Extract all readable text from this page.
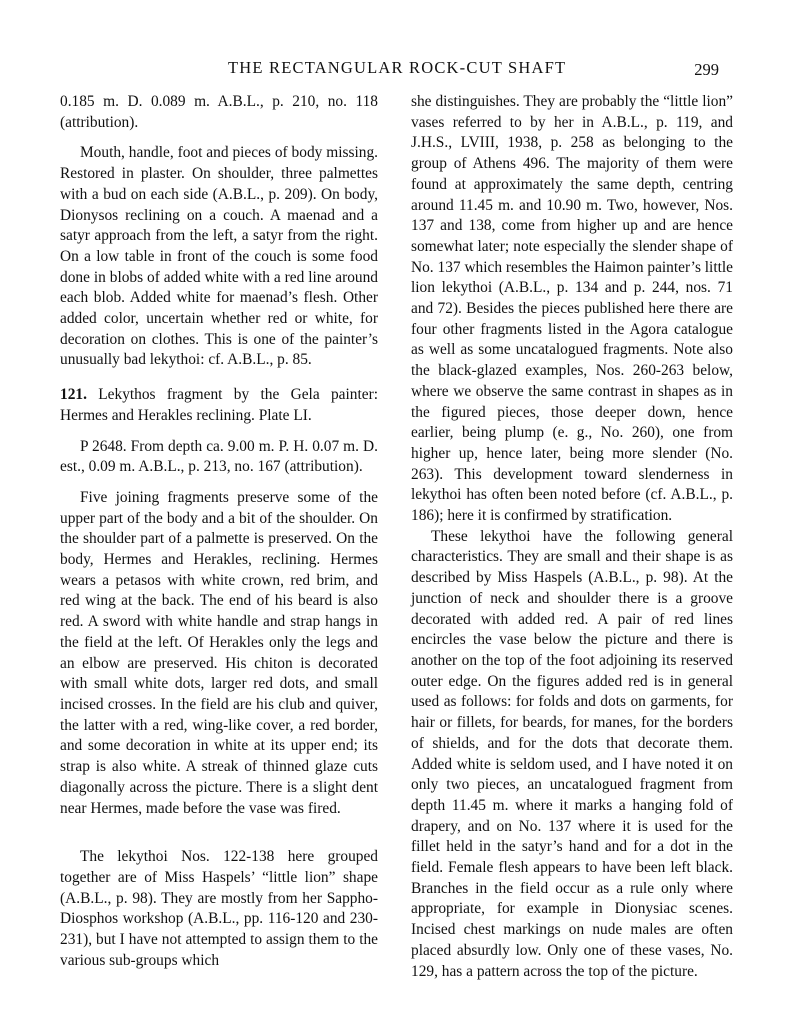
THE RECTANGULAR ROCK-CUT SHAFT	299

0.185 m. D. 0.089 m. A.B.L., p. 210, no. 118 (attribution).

Mouth, handle, foot and pieces of body missing. Restored in plaster. On shoulder, three palmettes with a bud on each side (A.B.L., p. 209). On body, Dionysos reclining on a couch. A maenad and a satyr approach from the left, a satyr from the right. On a low table in front of the couch is some food done in blobs of added white with a red line around each blob. Added white for maenad’s flesh. Other added color, uncertain whether red or white, for decoration on clothes. This is one of the painter’s unusually bad lekythoi: cf. A.B.L., p. 85.

121. Lekythos fragment by the Gela painter: Hermes and Herakles reclining. Plate LI.

P 2648. From depth ca. 9.00 m. P. H. 0.07 m. D. est., 0.09 m. A.B.L., p. 213, no. 167 (attribution).

Five joining fragments preserve some of the upper part of the body and a bit of the shoulder. On the shoulder part of a palmette is preserved. On the body, Hermes and Herakles, reclining. Hermes wears a petasos with white crown, red brim, and red wing at the back. The end of his beard is also red. A sword with white handle and strap hangs in the field at the left. Of Herakles only the legs and an elbow are preserved. His chiton is decorated with small white dots, larger red dots, and small incised crosses. In the field are his club and quiver, the latter with a red, wing-like cover, a red border, and some decoration in white at its upper end; its strap is also white. A streak of thinned glaze cuts diagonally across the picture. There is a slight dent near Hermes, made before the vase was fired.

The lekythoi Nos. 122-138 here grouped together are of Miss Haspels’ “little lion” shape (A.B.L., p. 98). They are mostly from her Sappho-Diosphos workshop (A.B.L., pp. 116-120 and 230-231), but I have not attempted to assign them to the various sub-groups which

she distinguishes. They are probably the “little lion” vases referred to by her in A.B.L., p. 119, and J.H.S., LVIII, 1938, p. 258 as belonging to the group of Athens 496. The majority of them were found at approximately the same depth, centring around 11.45 m. and 10.90 m. Two, however, Nos. 137 and 138, come from higher up and are hence somewhat later; note especially the slender shape of No. 137 which resembles the Haimon painter’s little lion lekythoi (A.B.L., p. 134 and p. 244, nos. 71 and 72). Besides the pieces published here there are four other fragments listed in the Agora catalogue as well as some uncatalogued fragments. Note also the black-glazed examples, Nos. 260-263 below, where we observe the same contrast in shapes as in the figured pieces, those deeper down, hence earlier, being plump (e. g., No. 260), one from higher up, hence later, being more slender (No. 263). This development toward slenderness in lekythoi has often been noted before (cf. A.B.L., p. 186); here it is confirmed by stratification.

These lekythoi have the following general characteristics. They are small and their shape is as described by Miss Haspels (A.B.L., p. 98). At the junction of neck and shoulder there is a groove decorated with added red. A pair of red lines encircles the vase below the picture and there is another on the top of the foot adjoining its reserved outer edge. On the figures added red is in general used as follows: for folds and dots on garments, for hair or fillets, for beards, for manes, for the borders of shields, and for the dots that decorate them. Added white is seldom used, and I have noted it on only two pieces, an uncatalogued fragment from depth 11.45 m. where it marks a hanging fold of drapery, and on No. 137 where it is used for the fillet held in the satyr’s hand and for a dot in the field. Female flesh appears to have been left black. Branches in the field occur as a rule only where appropriate, for example in Dionysiac scenes. Incised chest markings on nude males are often placed absurdly low. Only one of these vases, No. 129, has a pattern across the top of the picture.
